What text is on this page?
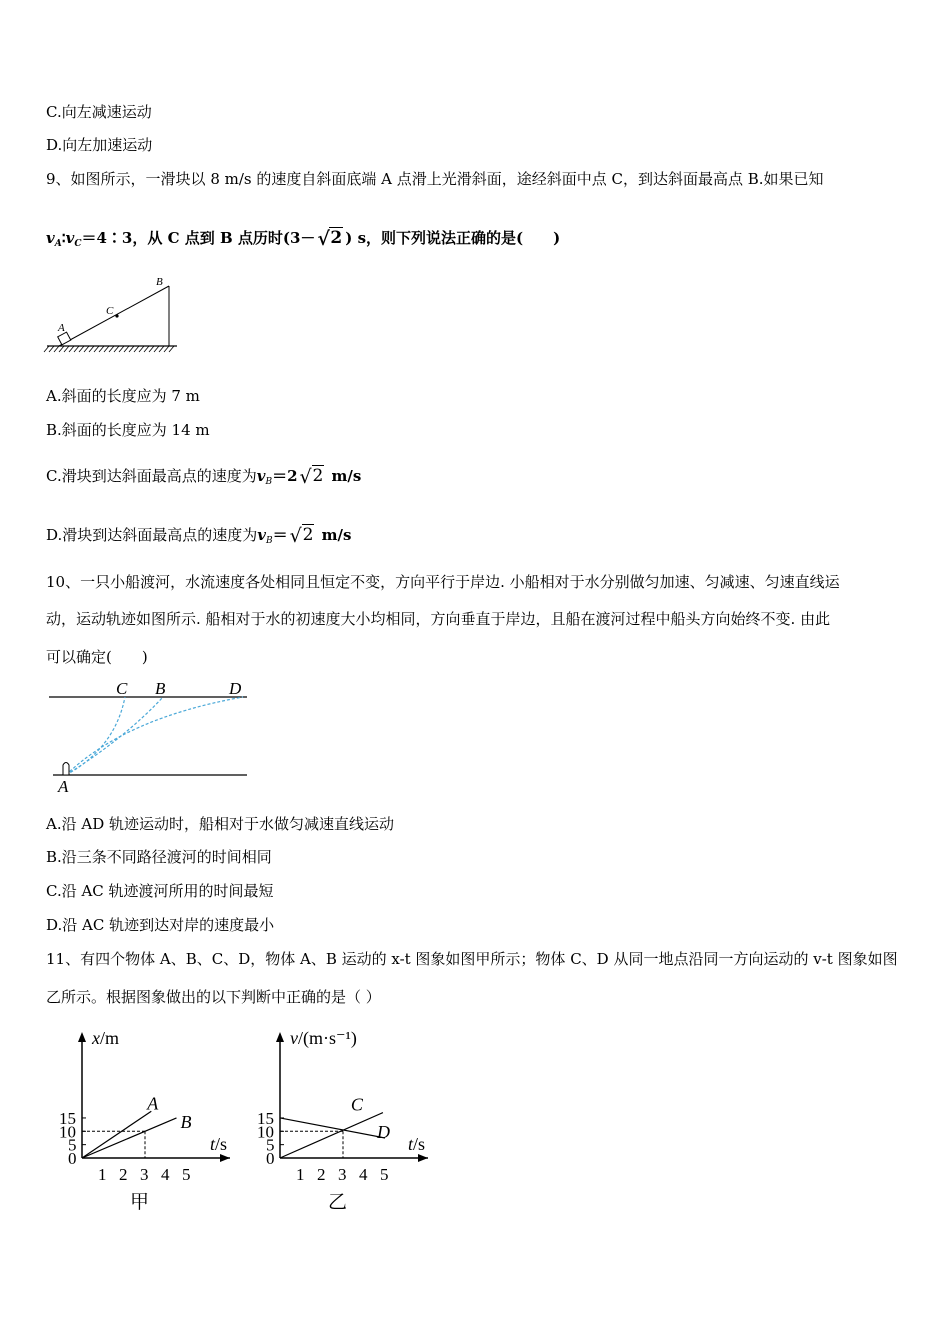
C.向左减速运动
D.向左加速运动
9、如图所示，一滑块以 8 m/s 的速度自斜面底端 A 点滑上光滑斜面，途经斜面中点 C，到达斜面最高点 B.如果已知
$v_A∶v_C=4∶3$，从 C 点到 B 点历时(3－ √ 2 ) s，则下列说法正确的是(　　)
A
C
B
A.斜面的长度应为 7 m
B.斜面的长度应为 14 m
C.滑块到达斜面最高点的速度为$v_B=2$ √ 2 m/s
D.滑块到达斜面最高点的速度为$v_B=$ √ 2 m/s
10、一只小船渡河，水流速度各处相同且恒定不变，方向平行于岸边. 小船相对于水分别做匀加速、匀减速、匀速直线运
动，运动轨迹如图所示. 船相对于水的初速度大小均相同，方向垂直于岸边，且船在渡河过程中船头方向始终不变. 由此
可以确定(　　)
C B	D
A
A.沿 AD 轨迹运动时，船相对于水做匀减速直线运动
B.沿三条不同路径渡河的时间相同
C.沿 AC 轨迹渡河所用的时间最短
D.沿 AC 轨迹到达对岸的速度最小
11、有四个物体 A、B、C、D，物体 A、B 运动的 x-t 图象如图甲所示；物体 C、D 从同一地点沿同一方向运动的 v-t 图象如图
乙所示。根据图象做出的以下判断中正确的是（ ）
1 2 3 4 5
0
5
10
15
A
B
t/s
x/m
甲
1 2 3 4 5
0
5
10
15
C
D
t/s
v/(m·s⁻¹)
乙
